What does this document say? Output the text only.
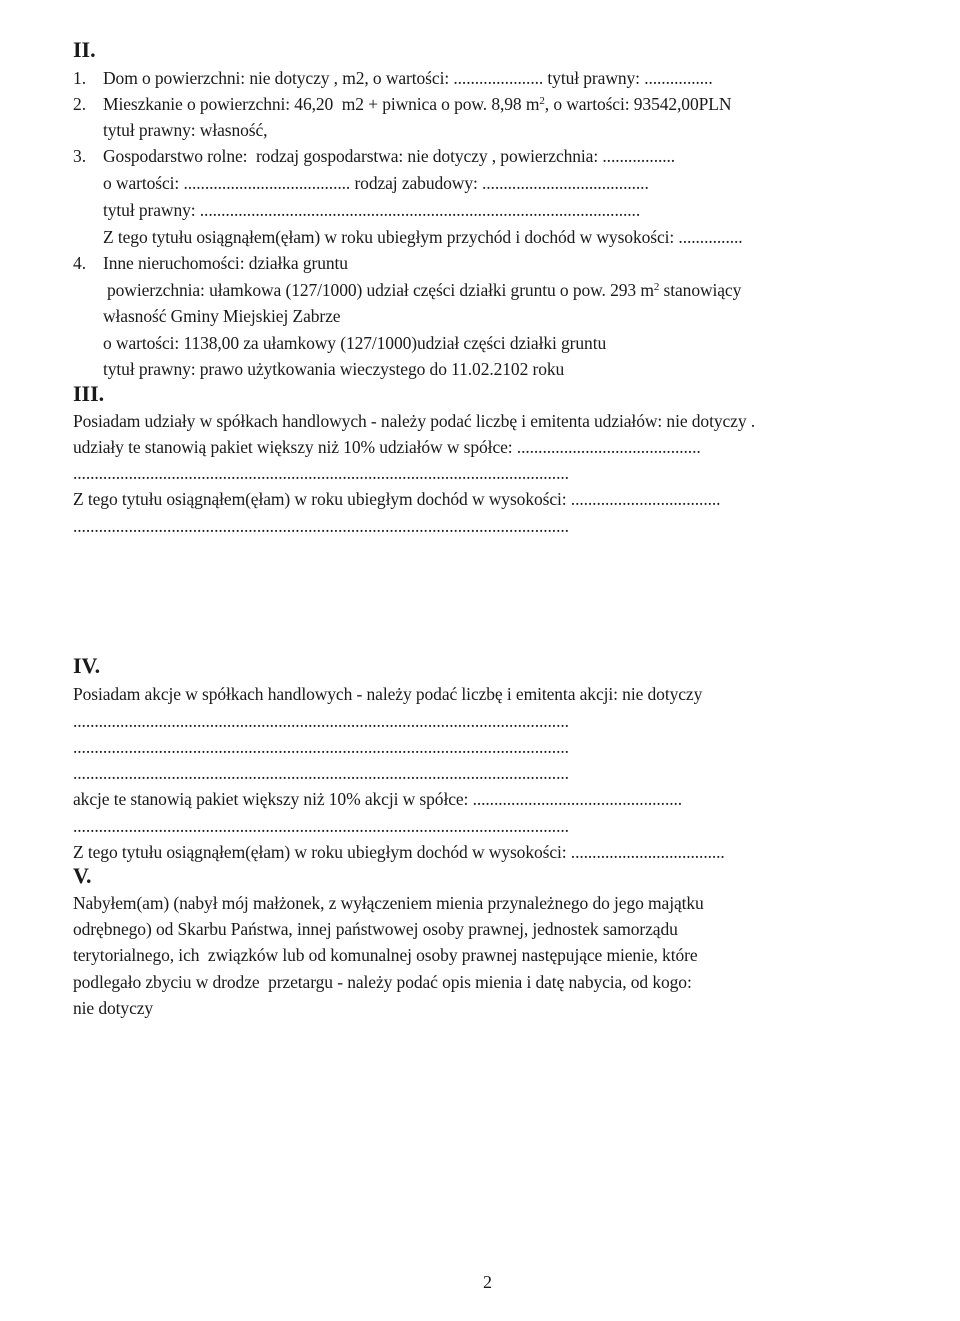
II.
1. Dom o powierzchni: nie dotyczy , m2, o wartości: ..................... tytuł prawny: ................
2. Mieszkanie o powierzchni: 46,20  m2 + piwnica o pow. 8,98 $m^2$, o wartości: 93542,00PLN
tytuł prawny: własność,
3. Gospodarstwo rolne:  rodzaj gospodarstwa: nie dotyczy , powierzchnia: .................
o wartości: ....................................... rodzaj zabudowy: .......................................
tytuł prawny: .......................................................................................................
Z tego tytułu osiągnąłem(ęłam) w roku ubiegłym przychód i dochód w wysokości: ...............
4. Inne nieruchomości: działka gruntu
powierzchnia: ułamkowa (127/1000) udział części działki gruntu o pow. 293 $m^2$ stanowiący
własność Gminy Miejskiej Zabrze
o wartości: 1138,00 za ułamkowy (127/1000)udział części działki gruntu
tytuł prawny: prawo użytkowania wieczystego do 11.02.2102 roku
III.
Posiadam udziały w spółkach handlowych - należy podać liczbę i emitenta udziałów: nie dotyczy .
udziały te stanowią pakiet większy niż 10% udziałów w spółce: ...........................................
....................................................................................................................
Z tego tytułu osiągnąłem(ęłam) w roku ubiegłym dochód w wysokości: ...................................
....................................................................................................................
IV.
Posiadam akcje w spółkach handlowych - należy podać liczbę i emitenta akcji: nie dotyczy
....................................................................................................................
....................................................................................................................
....................................................................................................................
akcje te stanowią pakiet większy niż 10% akcji w spółce: .................................................
....................................................................................................................
Z tego tytułu osiągnąłem(ęłam) w roku ubiegłym dochód w wysokości: ....................................
V.
Nabyłem(am) (nabył mój małżonek, z wyłączeniem mienia przynależnego do jego majątku
odrębnego) od Skarbu Państwa, innej państwowej osoby prawnej, jednostek samorządu
terytorialnego, ich  związków lub od komunalnej osoby prawnej następujące mienie, które
podlegało zbyciu w drodze  przetargu - należy podać opis mienia i datę nabycia, od kogo:
nie dotyczy
2
